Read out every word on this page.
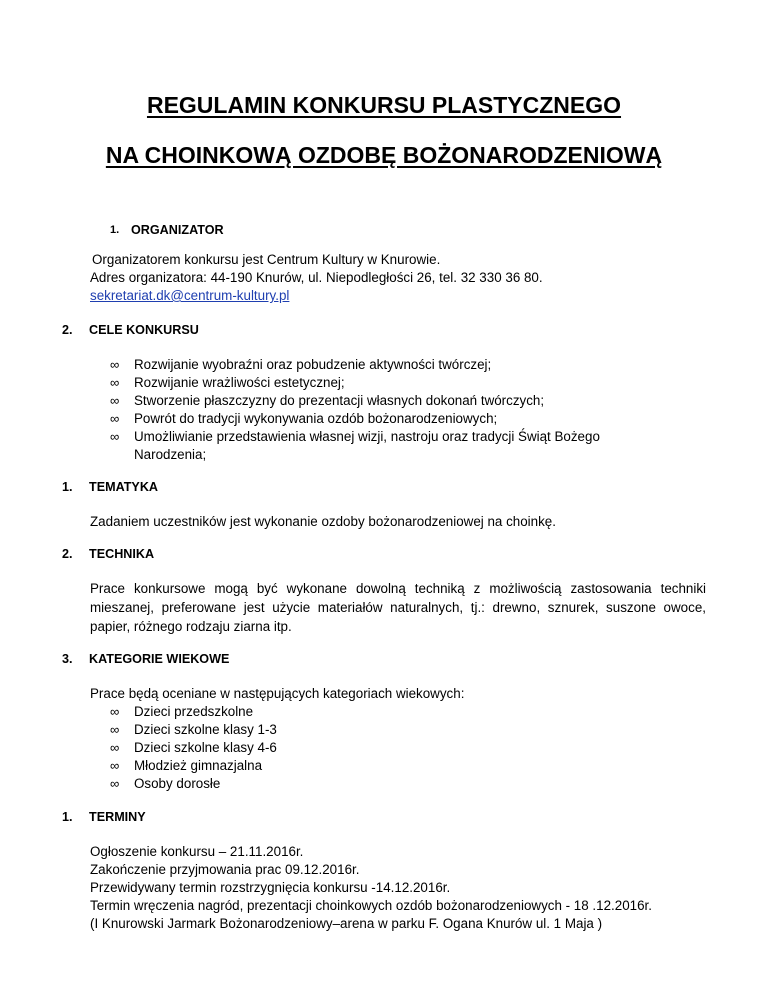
REGULAMIN KONKURSU PLASTYCZNEGO
NA CHOINKOWĄ OZDOBĘ BOŻONARODZENIOWĄ
1. ORGANIZATOR
Organizatorem konkursu jest Centrum Kultury w Knurowie.
Adres organizatora: 44-190 Knurów, ul. Niepodległości 26, tel. 32 330 36 80.
sekretariat.dk@centrum-kultury.pl
2. CELE KONKURSU
∞ Rozwijanie wyobraźni oraz pobudzenie aktywności twórczej;
∞ Rozwijanie wrażliwości estetycznej;
∞ Stworzenie płaszczyzny do prezentacji własnych dokonań twórczych;
∞ Powrót do tradycji wykonywania ozdób bożonarodzeniowych;
∞ Umożliwianie przedstawienia własnej wizji, nastroju oraz tradycji Świąt Bożego
Narodzenia;
1. TEMATYKA
Zadaniem uczestników jest wykonanie ozdoby bożonarodzeniowej na choinkę.
2. TECHNIKA
Prace konkursowe mogą być wykonane dowolną techniką z możliwością zastosowania techniki mieszanej, preferowane jest użycie materiałów naturalnych, tj.: drewno, sznurek, suszone owoce, papier, różnego rodzaju ziarna itp.
3. KATEGORIE WIEKOWE
Prace będą oceniane w następujących kategoriach wiekowych:
∞ Dzieci przedszkolne
∞ Dzieci szkolne klasy 1-3
∞ Dzieci szkolne klasy 4-6
∞ Młodzież gimnazjalna
∞ Osoby dorosłe
1. TERMINY
Ogłoszenie konkursu – 21.11.2016r.
Zakończenie przyjmowania prac 09.12.2016r.
Przewidywany termin rozstrzygnięcia konkursu -14.12.2016r.
Termin wręczenia nagród, prezentacji choinkowych ozdób bożonarodzeniowych - 18 .12.2016r.
(I Knurowski Jarmark Bożonarodzeniowy–arena w parku F. Ogana Knurów ul. 1 Maja )
